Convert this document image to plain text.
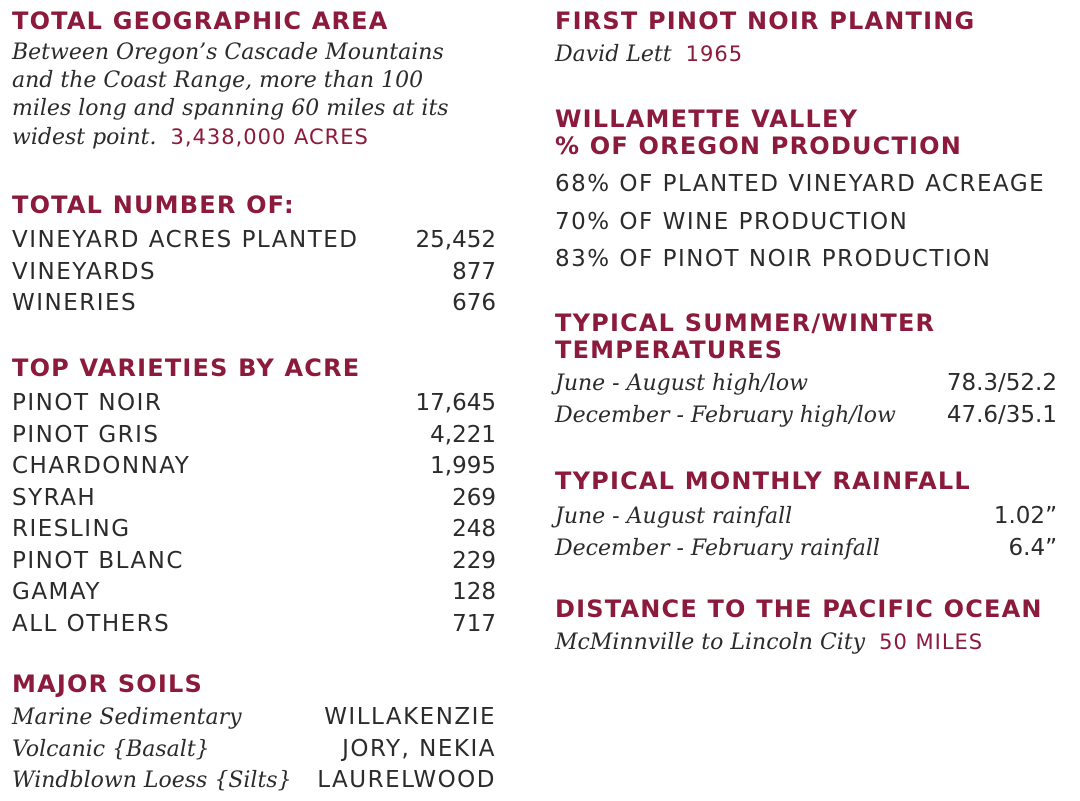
TOTAL GEOGRAPHIC AREA
Between Oregon’s Cascade Mountains and the Coast Range, more than 100 miles long and spanning 60 miles at its widest point. 3,438,000 ACRES
TOTAL NUMBER OF:
VINEYARD ACRES PLANTED 25,452
VINEYARDS	877
WINERIES	676
TOP VARIETIES BY ACRE
PINOT NOIR	17,645
PINOT GRIS	4,221
CHARDONNAY	1,995
SYRAH	269
RIESLING	248
PINOT BLANC	229
GAMAY	128
ALL OTHERS	717
MAJOR SOILS
Marine Sedimentary	WILLAKENZIE
Volcanic {Basalt}	JORY, NEKIA
Windblown Loess {Silts} LAURELWOOD
FIRST PINOT NOIR PLANTING
David Lett 1965
WILLAMETTE VALLEY
% OF OREGON PRODUCTION
68% OF PLANTED VINEYARD ACREAGE
70% OF WINE PRODUCTION
83% OF PINOT NOIR PRODUCTION
TYPICAL SUMMER/WINTER
TEMPERATURES
June - August high/low	78.3/52.2
December - February high/low 47.6/35.1
TYPICAL MONTHLY RAINFALL
June - August rainfall	1.02”
December - February rainfall	6.4”
DISTANCE TO THE PACIFIC OCEAN
McMinnville to Lincoln City 50 MILES
